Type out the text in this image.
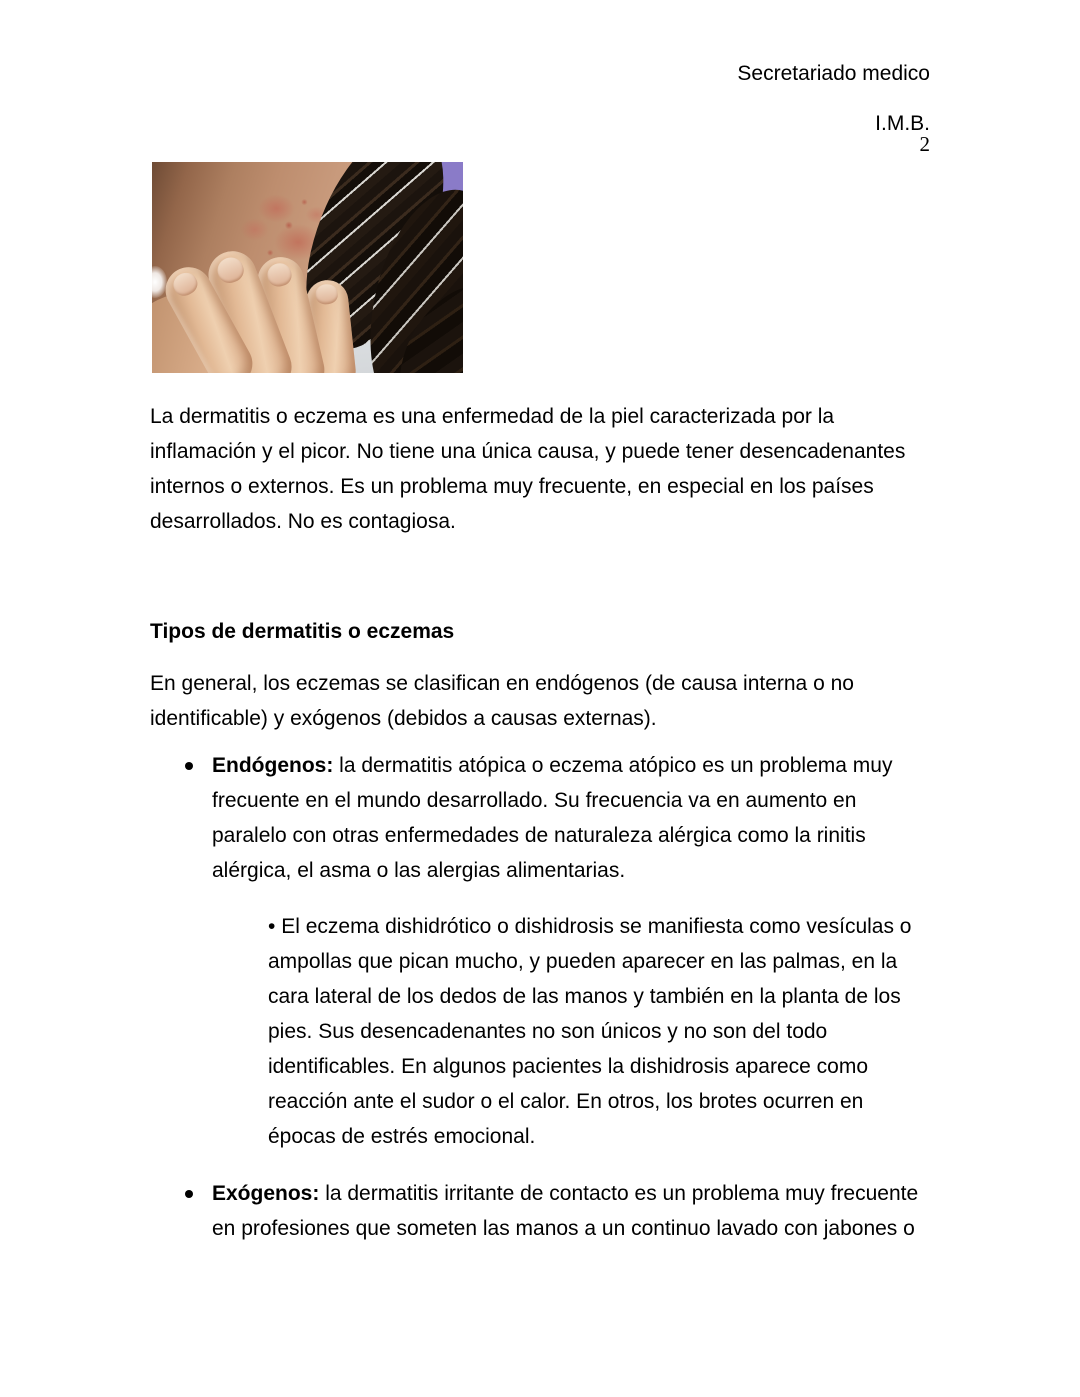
Secretariado medico
I.M.B.
2

La dermatitis o eczema es una enfermedad de la piel caracterizada por la inflamación y el picor. No tiene una única causa, y puede tener desencadenantes internos o externos. Es un problema muy frecuente, en especial en los países desarrollados. No es contagiosa.

Tipos de dermatitis o eczemas

En general, los eczemas se clasifican en endógenos (de causa interna o no identificable) y exógenos (debidos a causas externas).

Endógenos: la dermatitis atópica o eczema atópico es un problema muy frecuente en el mundo desarrollado. Su frecuencia va en aumento en paralelo con otras enfermedades de naturaleza alérgica como la rinitis alérgica, el asma o las alergias alimentarias.

• El eczema dishidrótico o dishidrosis se manifiesta como vesículas o ampollas que pican mucho, y pueden aparecer en las palmas, en la cara lateral de los dedos de las manos y también en la planta de los pies. Sus desencadenantes no son únicos y no son del todo identificables. En algunos pacientes la dishidrosis aparece como reacción ante el sudor o el calor. En otros, los brotes ocurren en épocas de estrés emocional.

Exógenos: la dermatitis irritante de contacto es un problema muy frecuente en profesiones que someten las manos a un continuo lavado con jabones o
